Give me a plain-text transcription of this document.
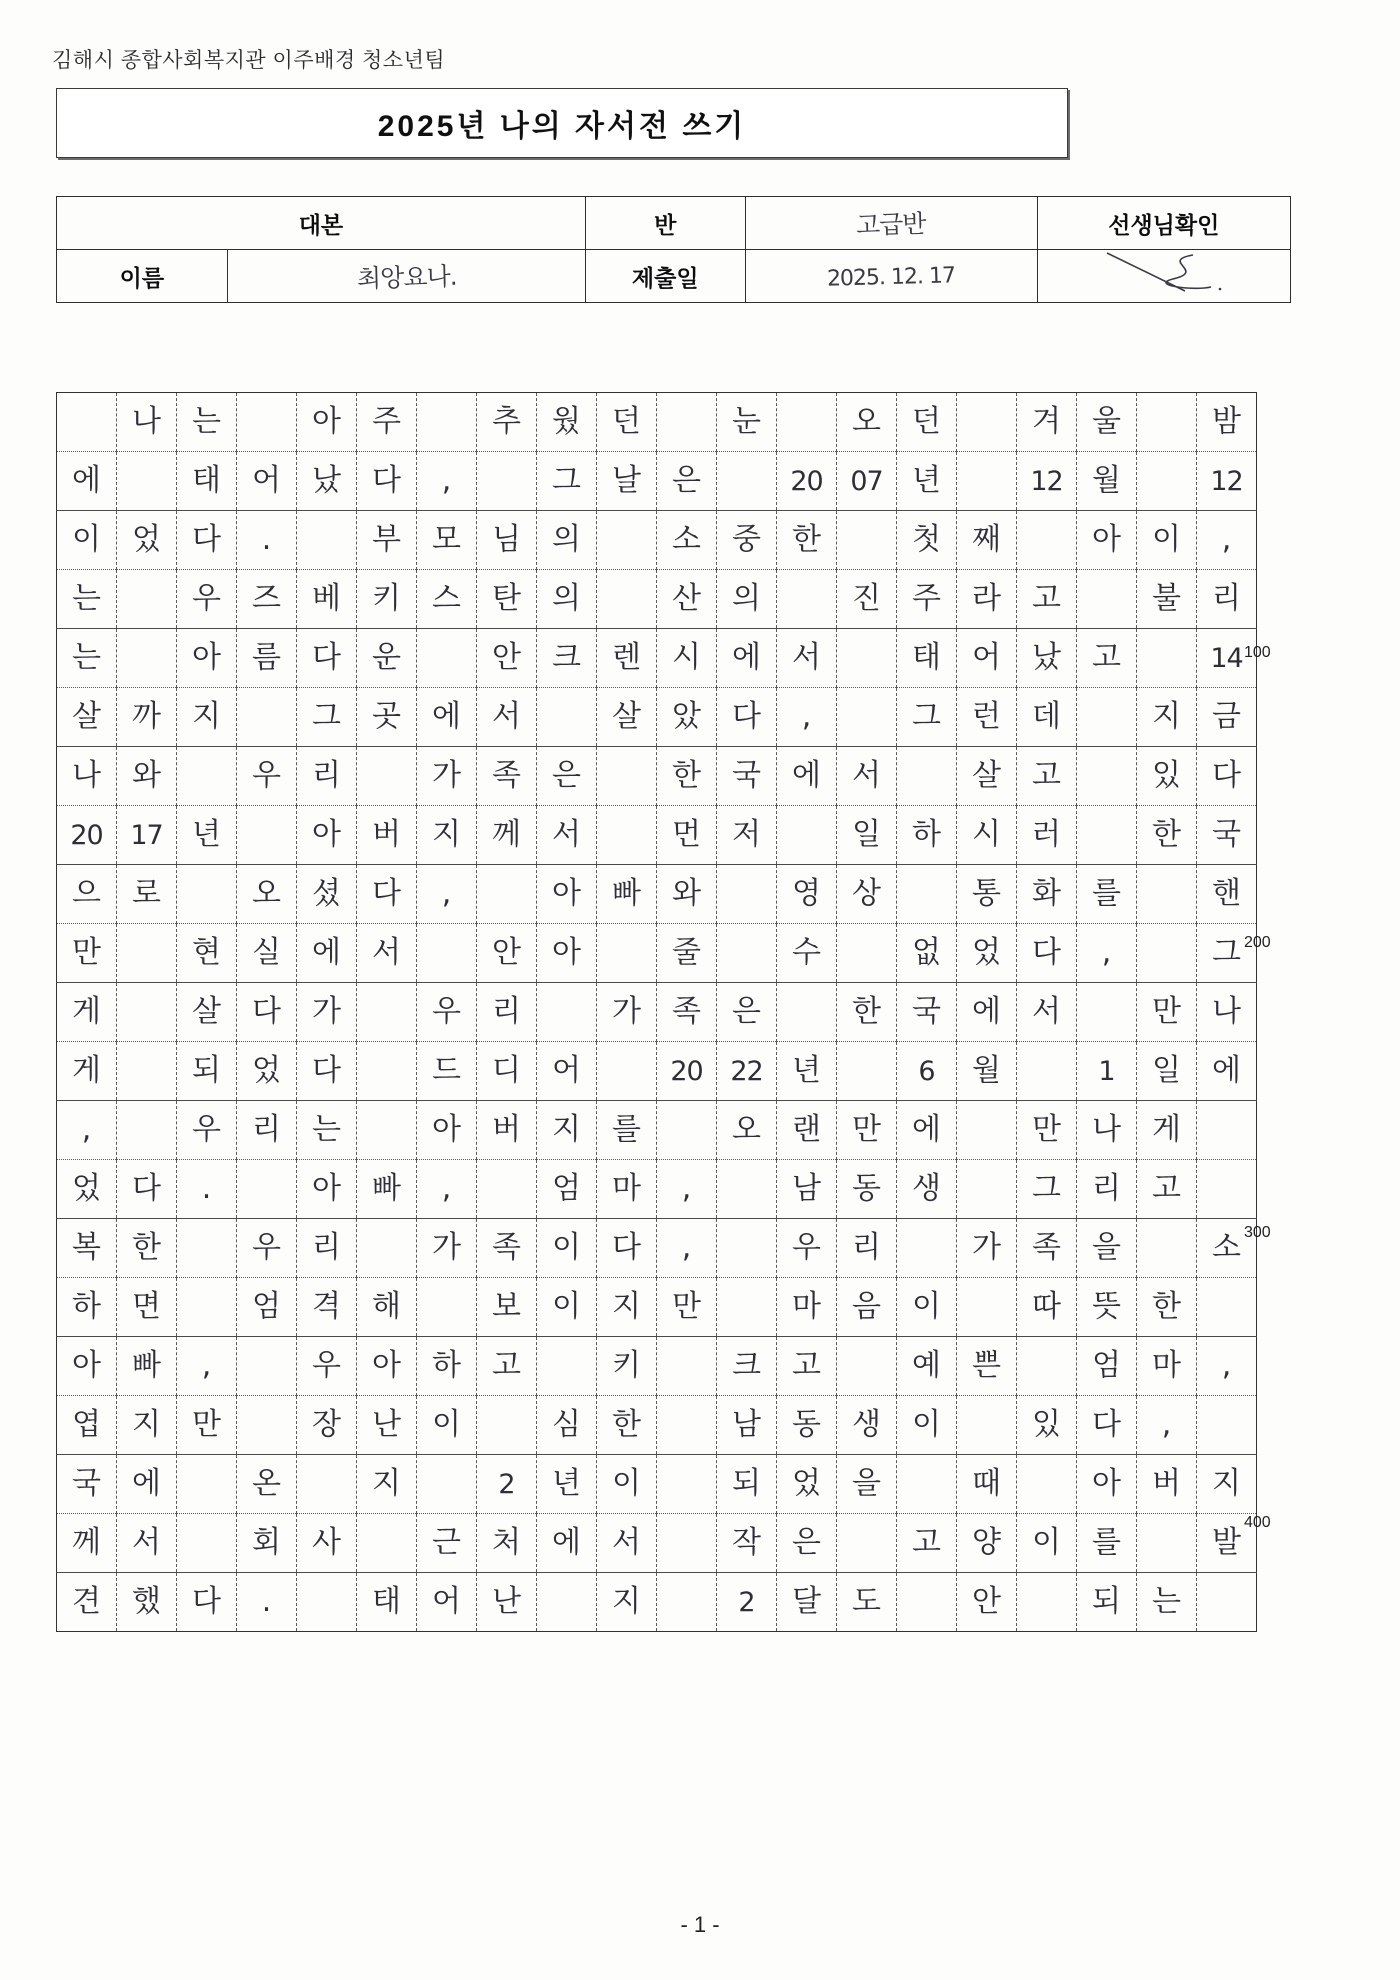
김해시 종합사회복지관 이주배경 청소년팀
2025년 나의 자서전 쓰기
대본		반	고급반	선생님확인
이름	최앙요나.	제출일	2025. 12. 17	
	나	는		아	주		추	웠	던		눈		오	던		겨	울		밤
에		태	어	났	다	,		그	날	은		20	07	년		12	월		12
이	었	다	.		부	모	님	의		소	중	한		첫	째		아	이	,
는		우	즈	베	키	스	탄	의		산	의		진	주	라	고		불	리
는		아	름	다	운		안	크	렌	시	에	서		태	어	났	고		14
살	까	지		그	곳	에	서		살	았	다	,		그	런	데		지	금
나	와		우	리		가	족	은		한	국	에	서		살	고		있	다
20	17	년		아	버	지	께	서		먼	저		일	하	시	러		한	국
으	로		오	셨	다	,		아	빠	와		영	상		통	화	를		핸
만		현	실	에	서		안	아		줄		수		없	었	다	,		그
게		살	다	가		우	리		가	족	은		한	국	에	서		만	나
게		되	었	다		드	디	어		20	22	년		6	월		1	일	에
,		우	리	는		아	버	지	를		오	랜	만	에		만	나	게	
었	다	.		아	빠	,		엄	마	,		남	동	생		그	리	고	
복	한		우	리		가	족	이	다	,		우	리		가	족	을		소
하	면		엄	격	해		보	이	지	만		마	음	이		따	뜻	한	
아	빠	,		우	아	하	고		키		크	고		예	쁜		엄	마	,
엽	지	만		장	난	이		심	한		남	동	생	이		있	다	,	
국	에		온		지		2	년	이		되	었	을		때		아	버	지
께	서		회	사		근	처	에	서		작	은		고	양	이	를		발
견	했	다	.		태	어	난		지		2	달	도		안		되	는	
100
200
300
400
- 1 -
